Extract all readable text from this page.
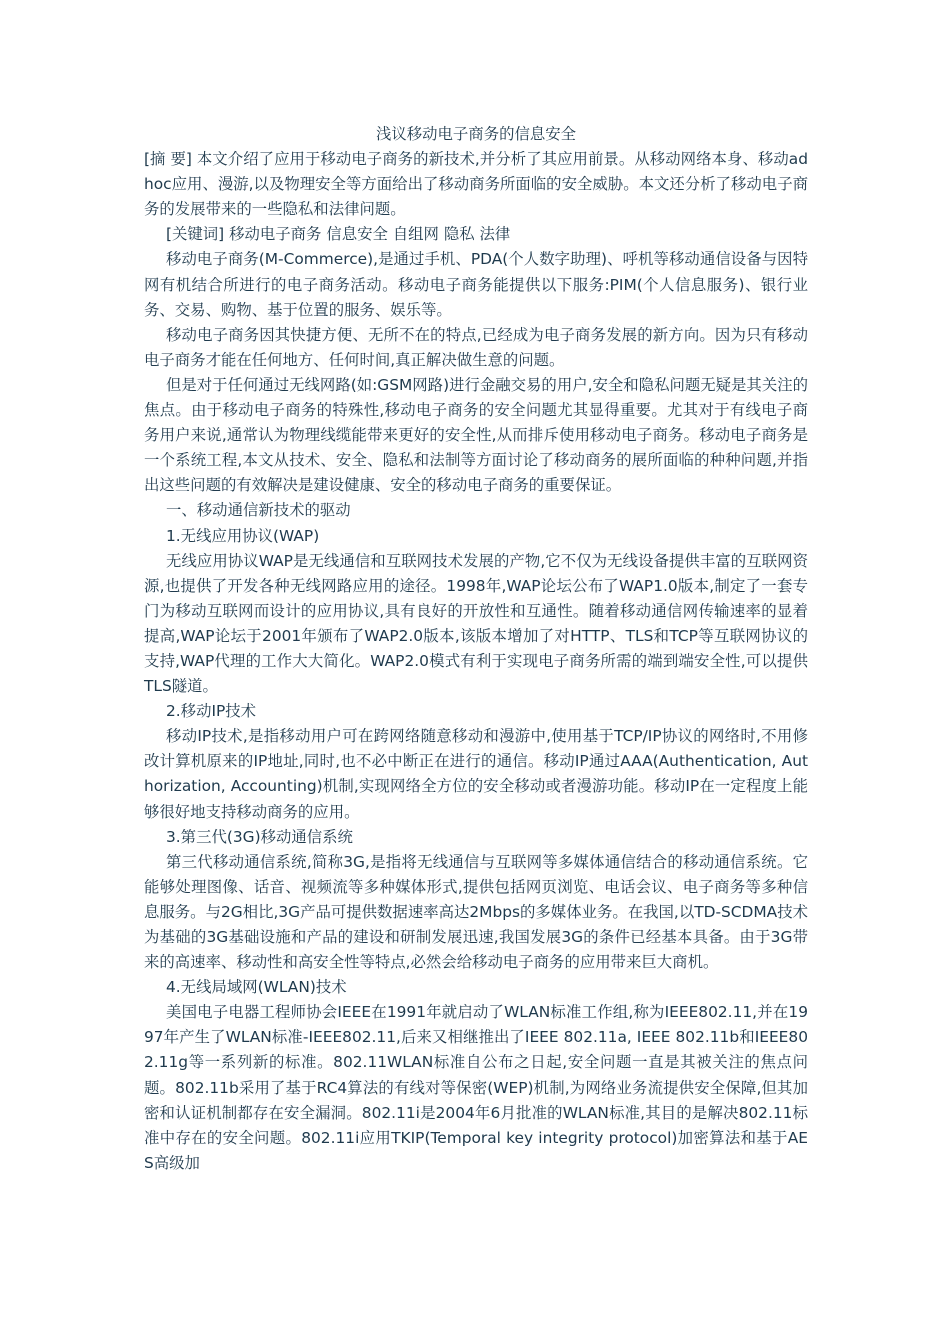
浅议移动电子商务的信息安全

[摘 要] 本文介绍了应用于移动电子商务的新技术,并分析了其应用前景。从移动网络本身、移动ad hoc应用、漫游,以及物理安全等方面给出了移动商务所面临的安全威胁。本文还分析了移动电子商务的发展带来的一些隐私和法律问题。

[关键词] 移动电子商务 信息安全 自组网 隐私 法律

移动电子商务(M-Commerce),是通过手机、PDA(个人数字助理)、呼机等移动通信设备与因特网有机结合所进行的电子商务活动。移动电子商务能提供以下服务:PIM(个人信息服务)、银行业务、交易、购物、基于位置的服务、娱乐等。

移动电子商务因其快捷方便、无所不在的特点,已经成为电子商务发展的新方向。因为只有移动电子商务才能在任何地方、任何时间,真正解决做生意的问题。

但是对于任何通过无线网路(如:GSM网路)进行金融交易的用户,安全和隐私问题无疑是其关注的焦点。由于移动电子商务的特殊性,移动电子商务的安全问题尤其显得重要。尤其对于有线电子商务用户来说,通常认为物理线缆能带来更好的安全性,从而排斥使用移动电子商务。移动电子商务是一个系统工程,本文从技术、安全、隐私和法制等方面讨论了移动商务的展所面临的种种问题,并指出这些问题的有效解决是建设健康、安全的移动电子商务的重要保证。

一、移动通信新技术的驱动

1.无线应用协议(WAP)

无线应用协议WAP是无线通信和互联网技术发展的产物,它不仅为无线设备提供丰富的互联网资源,也提供了开发各种无线网路应用的途径。1998年,WAP论坛公布了WAP1.0版本,制定了一套专门为移动互联网而设计的应用协议,具有良好的开放性和互通性。随着移动通信网传输速率的显着提高,WAP论坛于2001年颁布了WAP2.0版本,该版本增加了对HTTP、TLS和TCP等互联网协议的支持,WAP代理的工作大大简化。WAP2.0模式有利于实现电子商务所需的端到端安全性,可以提供TLS隧道。

2.移动IP技术

移动IP技术,是指移动用户可在跨网络随意移动和漫游中,使用基于TCP/IP协议的网络时,不用修改计算机原来的IP地址,同时,也不必中断正在进行的通信。移动IP通过AAA(Authentication, Authorization, Accounting)机制,实现网络全方位的安全移动或者漫游功能。移动IP在一定程度上能够很好地支持移动商务的应用。

3.第三代(3G)移动通信系统

第三代移动通信系统,简称3G,是指将无线通信与互联网等多媒体通信结合的移动通信系统。它能够处理图像、话音、视频流等多种媒体形式,提供包括网页浏览、电话会议、电子商务等多种信息服务。与2G相比,3G产品可提供数据速率高达2Mbps的多媒体业务。在我国,以TD-SCDMA技术为基础的3G基础设施和产品的建设和研制发展迅速,我国发展3G的条件已经基本具备。由于3G带来的高速率、移动性和高安全性等特点,必然会给移动电子商务的应用带来巨大商机。

4.无线局域网(WLAN)技术

美国电子电器工程师协会IEEE在1991年就启动了WLAN标准工作组,称为IEEE802.11,并在1997年产生了WLAN标准-IEEE802.11,后来又相继推出了IEEE 802.11a, IEEE 802.11b和IEEE802.11g等一系列新的标准。802.11WLAN标准自公布之日起,安全问题一直是其被关注的焦点问题。802.11b采用了基于RC4算法的有线对等保密(WEP)机制,为网络业务流提供安全保障,但其加密和认证机制都存在安全漏洞。802.11i是2004年6月批准的WLAN标准,其目的是解决802.11标准中存在的安全问题。802.11i应用TKIP(Temporal key integrity protocol)加密算法和基于AES高级加
